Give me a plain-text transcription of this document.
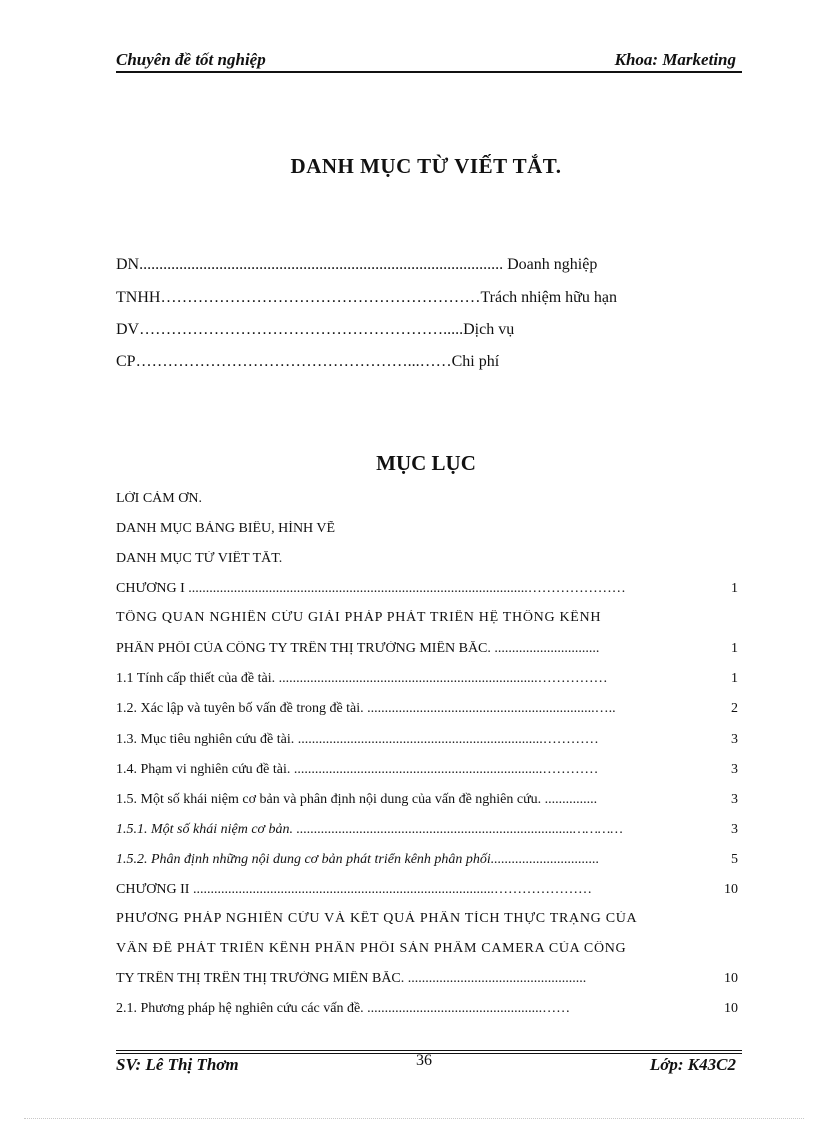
Chuyên đề tốt nghiệp	Khoa: Marketing
DANH MỤC TỪ VIẾT TẮT.
DN........................................................................................... Doanh nghiệp
TNHH……………………………………………………Trách nhiệm hữu hạn
DV………………………………………………….....Dịch vụ
CP……………………………………………...……Chi phí
MỤC LỤC
LỜI CẢM ƠN.
DANH MỤC BẢNG BIỂU, HÌNH VẼ
DANH MỤC TỪ VIẾT TẮT.
CHƯƠNG I .................................................................................................…………………	1
TỔNG QUAN NGHIÊN CỨU GIẢI PHÁP PHÁT TRIỂN HỆ THỐNG KÊNH
PHÂN PHỐI CỦA CÔNG TY TRÊN THỊ TRƯỜNG MIỀN BẮC. ..............................	1
1.1 Tính cấp thiết của đề tài. ..........................................................................……………	1
1.2. Xác lập và tuyên bố vấn đề trong đề tài. .................................................................…..	2
1.3. Mục tiêu nghiên cứu đề tài. ......................................................................…………	3
1.4. Phạm vi nghiên cứu đề tài. .......................................................................…………	3
1.5. Một số khái niệm cơ bản và phân định nội dung của vấn đề nghiên cứu. ...............	3
1.5.1. Một số khái niệm cơ bản. ...............................................................................…………	3
1.5.2. Phân định những nội dung cơ bản phát triển kênh phân phối...............................	5
CHƯƠNG II ......................................................................................…………………	10
PHƯƠNG PHÁP NGHIÊN CỨU VÀ KẾT QUẢ PHÂN TÍCH THỰC TRẠNG CỦA
VẤN ĐỀ PHÁT TRIỂN KÊNH PHÂN PHỐI SẢN PHẨM CAMERA CỦA CÔNG
TY TRÊN THỊ TRÊN THỊ TRƯỜNG MIỀN BẮC. ...................................................	10
2.1. Phương pháp hệ nghiên cứu các vấn đề. ..................................................……	10
SV: Lê Thị Thơm	36	Lớp: K43C2
